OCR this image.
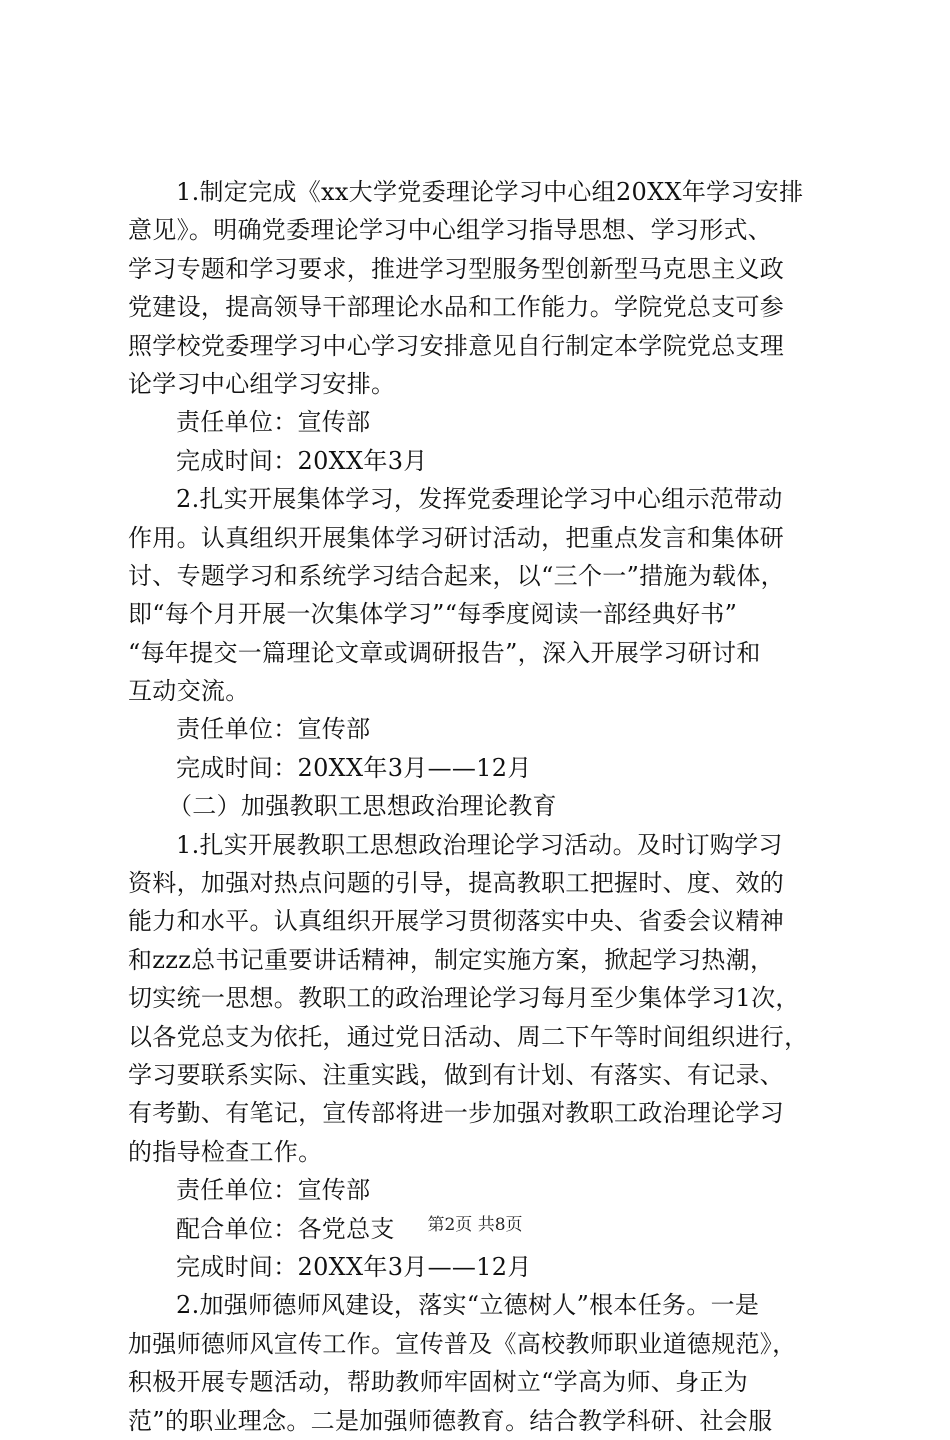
1.制定完成《xx大学党委理论学习中心组20XX年学习安排
意见》。明确党委理论学习中心组学习指导思想、学习形式、
学习专题和学习要求，推进学习型服务型创新型马克思主义政
党建设，提高领导干部理论水品和工作能力。学院党总支可参
照学校党委理学习中心学习安排意见自行制定本学院党总支理
论学习中心组学习安排。
责任单位：宣传部
完成时间：20XX年3月
2.扎实开展集体学习，发挥党委理论学习中心组示范带动
作用。认真组织开展集体学习研讨活动，把重点发言和集体研
讨、专题学习和系统学习结合起来，以“三个一”措施为载体，
即“每个月开展一次集体学习”“每季度阅读一部经典好书”
“每年提交一篇理论文章或调研报告”，深入开展学习研讨和
互动交流。
责任单位：宣传部
完成时间：20XX年3月——12月
（二）加强教职工思想政治理论教育
1.扎实开展教职工思想政治理论学习活动。及时订购学习
资料，加强对热点问题的引导，提高教职工把握时、度、效的
能力和水平。认真组织开展学习贯彻落实中央、省委会议精神
和zzz总书记重要讲话精神，制定实施方案，掀起学习热潮，
切实统一思想。教职工的政治理论学习每月至少集体学习1次，
以各党总支为依托，通过党日活动、周二下午等时间组织进行，
学习要联系实际、注重实践，做到有计划、有落实、有记录、
有考勤、有笔记，宣传部将进一步加强对教职工政治理论学习
的指导检查工作。
责任单位：宣传部
配合单位：各党总支
完成时间：20XX年3月——12月
2.加强师德师风建设，落实“立德树人”根本任务。一是
加强师德师风宣传工作。宣传普及《高校教师职业道德规范》，
积极开展专题活动，帮助教师牢固树立“学高为师、身正为
范”的职业理念。二是加强师德教育。结合教学科研、社会服
第2页 共8页
